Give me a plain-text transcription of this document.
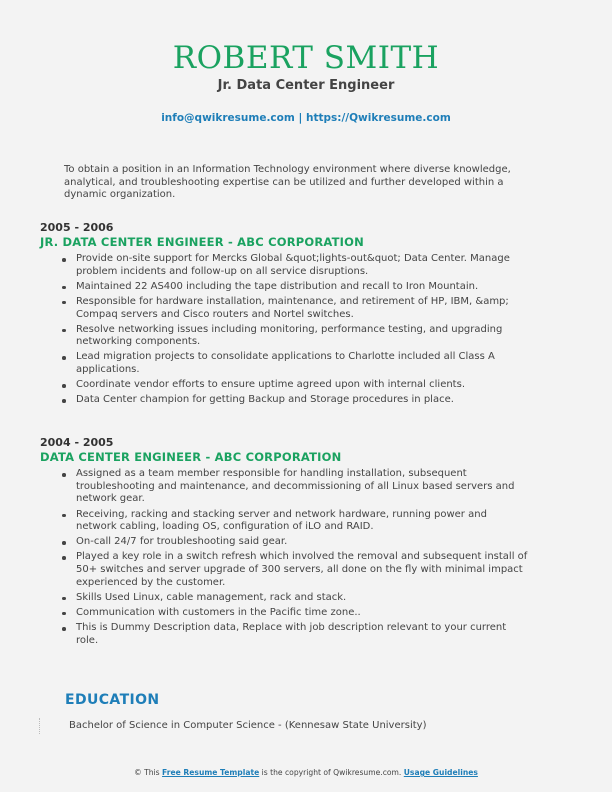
ROBERT SMITH
Jr. Data Center Engineer
info@qwikresume.com | https://Qwikresume.com
To obtain a position in an Information Technology environment where diverse knowledge, analytical, and troubleshooting expertise can be utilized and further developed within a dynamic organization.
2005 - 2006
JR. DATA CENTER ENGINEER - ABC CORPORATION
Provide on-site support for Mercks Global &quot;lights-out&quot; Data Center. Manage problem incidents and follow-up on all service disruptions.
Maintained 22 AS400 including the tape distribution and recall to Iron Mountain.
Responsible for hardware installation, maintenance, and retirement of HP, IBM, &amp; Compaq servers and Cisco routers and Nortel switches.
Resolve networking issues including monitoring, performance testing, and upgrading networking components.
Lead migration projects to consolidate applications to Charlotte included all Class A applications.
Coordinate vendor efforts to ensure uptime agreed upon with internal clients.
Data Center champion for getting Backup and Storage procedures in place.
2004 - 2005
DATA CENTER ENGINEER - ABC CORPORATION
Assigned as a team member responsible for handling installation, subsequent troubleshooting and maintenance, and decommissioning of all Linux based servers and network gear.
Receiving, racking and stacking server and network hardware, running power and network cabling, loading OS, configuration of iLO and RAID.
On-call 24/7 for troubleshooting said gear.
Played a key role in a switch refresh which involved the removal and subsequent install of 50+ switches and server upgrade of 300 servers, all done on the fly with minimal impact experienced by the customer.
Skills Used Linux, cable management, rack and stack.
Communication with customers in the Pacific time zone..
This is Dummy Description data, Replace with job description relevant to your current role.
EDUCATION
Bachelor of Science in Computer Science - (Kennesaw State University)
© This Free Resume Template is the copyright of Qwikresume.com. Usage Guidelines
